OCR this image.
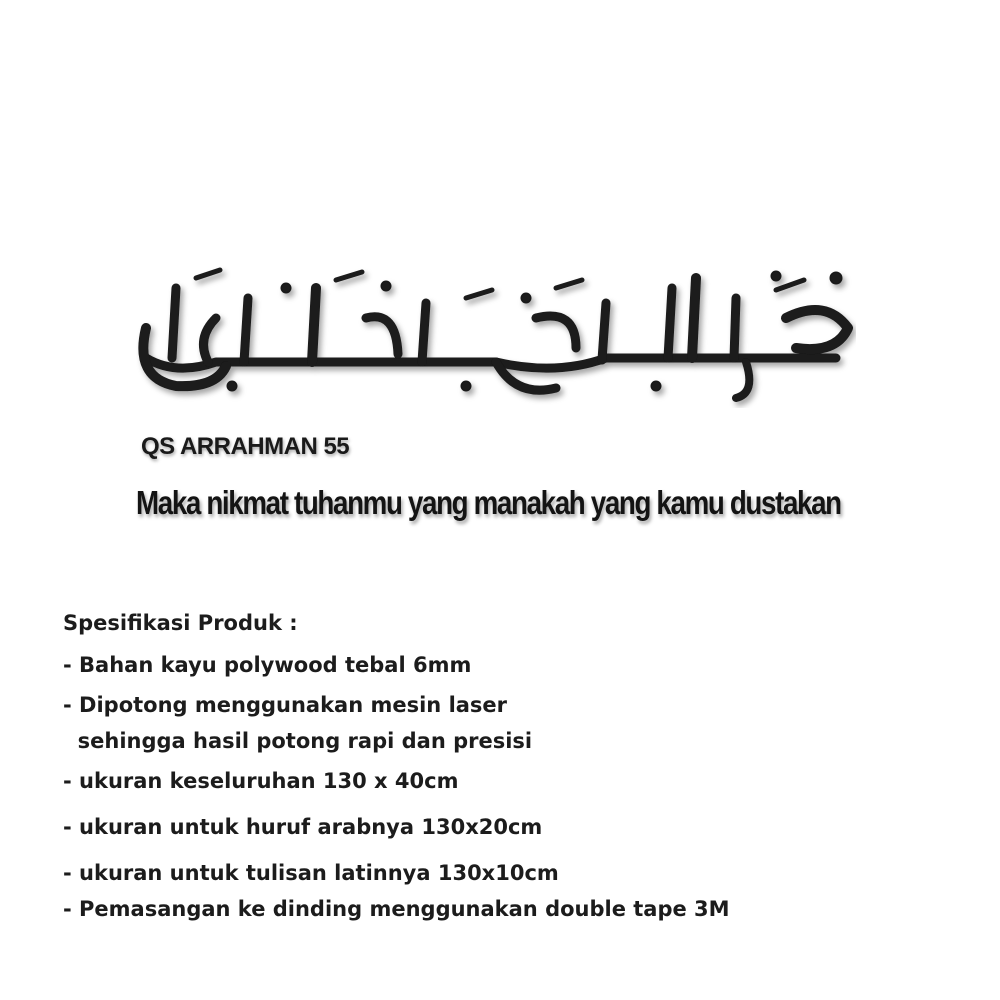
QS ARRAHMAN 55
Maka nikmat tuhanmu yang manakah yang kamu dustakan
Spesifikasi Produk :
- Bahan kayu polywood tebal 6mm
- Dipotong menggunakan mesin laser
sehingga hasil potong rapi dan presisi
- ukuran keseluruhan 130 x 40cm
- ukuran untuk huruf arabnya 130x20cm
- ukuran untuk tulisan latinnya 130x10cm
- Pemasangan ke dinding menggunakan double tape 3M
